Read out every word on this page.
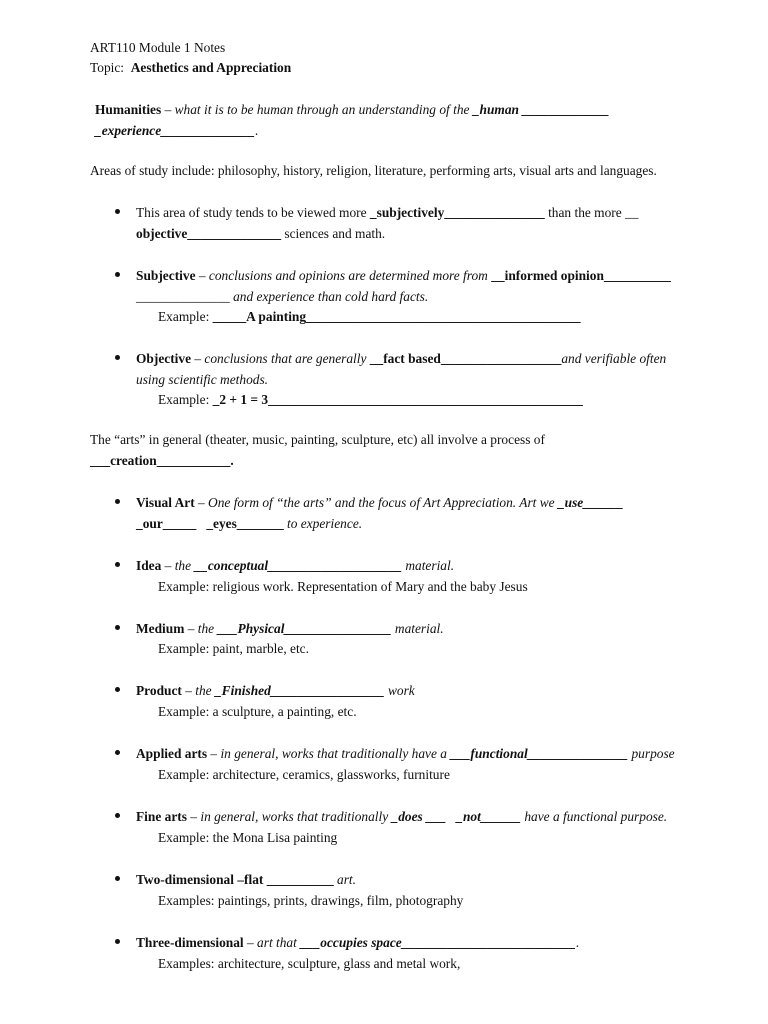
ART110 Module 1 Notes
Topic: Aesthetics and Appreciation
Humanities – what it is to be human through an understanding of the _human _____________
_experience______________.
Areas of study include: philosophy, history, religion, literature, performing arts, visual arts and languages.
This area of study tends to be viewed more _subjectively_______________ than the more __
objective______________ sciences and math.
Subjective – conclusions and opinions are determined more from __informed opinion__________
______________ and experience than cold hard facts.
Example: _____A painting_________________________________________
Objective – conclusions that are generally __fact based__________________and verifiable often
using scientific methods.
Example: _2 + 1 = 3_______________________________________________
The “arts” in general (theater, music, painting, sculpture, etc) all involve a process of
___creation___________.
Visual Art – One form of “the arts” and the focus of Art Appreciation. Art we _use______
_our_____ _eyes_______ to experience.
Idea – the __conceptual____________________ material.
Example: religious work. Representation of Mary and the baby Jesus
Medium – the ___Physical________________ material.
Example: paint, marble, etc.
Product – the _Finished_________________ work
Example: a sculpture, a painting, etc.
Applied arts – in general, works that traditionally have a ___functional_______________ purpose
Example: architecture, ceramics, glassworks, furniture
Fine arts – in general, works that traditionally _does ___ _not______ have a functional purpose.
Example: the Mona Lisa painting
Two-dimensional –flat __________ art.
Examples: paintings, prints, drawings, film, photography
Three-dimensional – art that ___occupies space__________________________.
Examples: architecture, sculpture, glass and metal work,
